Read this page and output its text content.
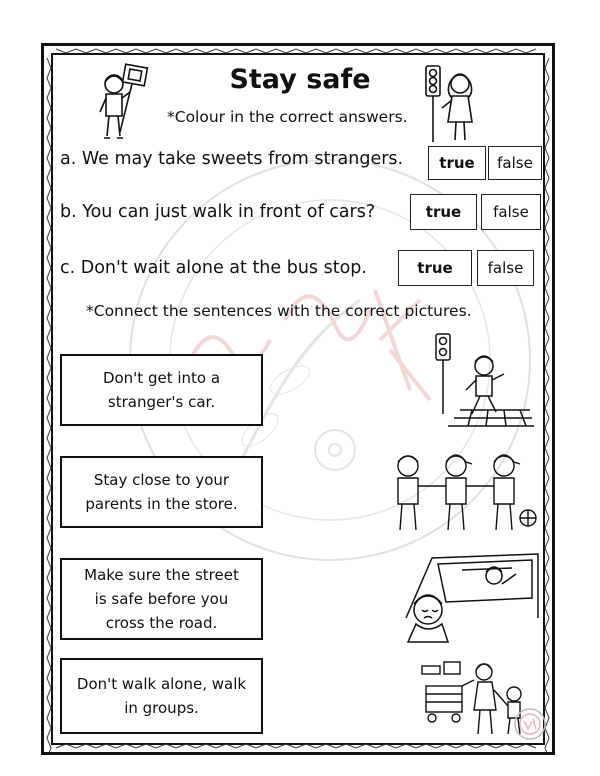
Stay safe
*Colour in the correct answers.
a. We may take sweets from strangers.	true	false
b. You can just walk in front of cars?	true	false
c. Don't wait alone at the bus stop.	true	false
*Connect the sentences with the correct pictures.
Don't get into a
stranger's car.
Stay close to your
parents in the store.
Make sure the street
is safe before you
cross the road.
Don't walk alone, walk
in groups.
